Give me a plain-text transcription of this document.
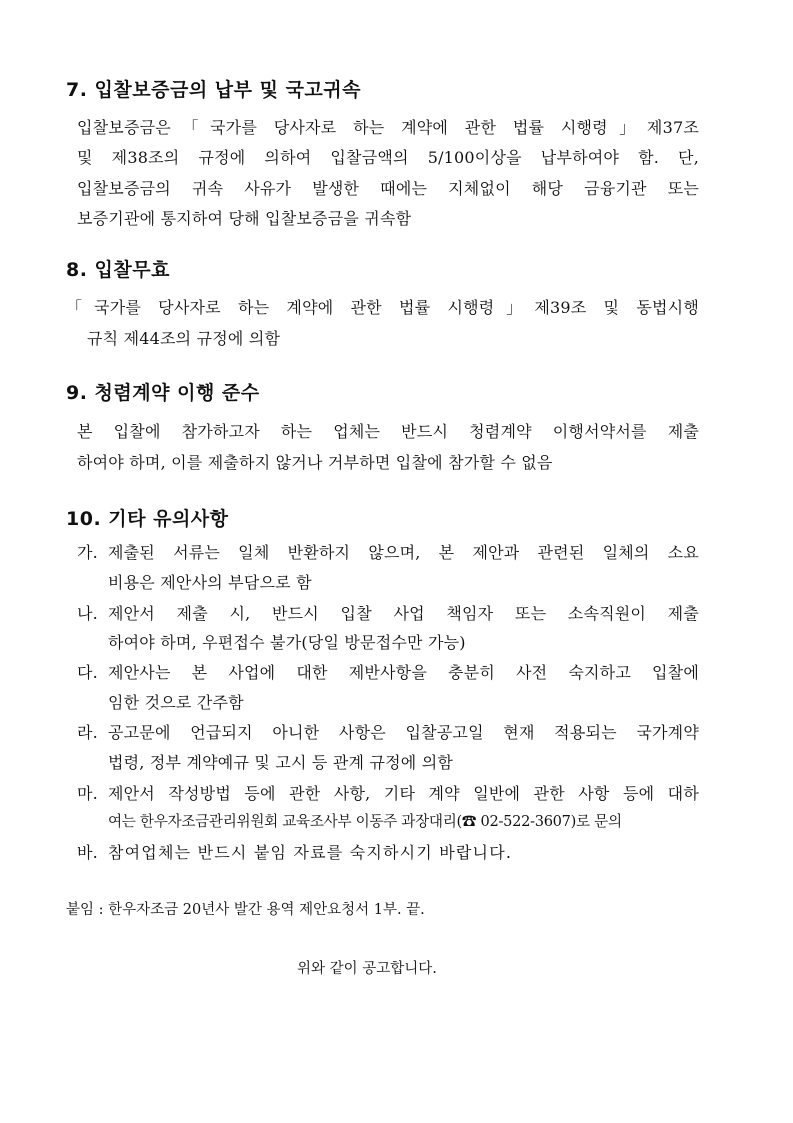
7. 입찰보증금의 납부 및 국고귀속
입찰보증금은「국가를 당사자로 하는 계약에 관한 법률 시행령」제37조
및 제38조의 규정에 의하여 입찰금액의 5/100이상을 납부하여야 함. 단,
입찰보증금의 귀속 사유가 발생한 때에는 지체없이 해당 금융기관 또는
보증기관에 통지하여 당해 입찰보증금을 귀속함
8. 입찰무효
「국가를 당사자로 하는 계약에 관한 법률 시행령」제39조 및 동법시행
규칙 제44조의 규정에 의함
9. 청렴계약 이행 준수
본 입찰에 참가하고자 하는 업체는 반드시 청렴계약 이행서약서를 제출
하여야 하며, 이를 제출하지 않거나 거부하면 입찰에 참가할 수 없음
10. 기타 유의사항
가. 제출된 서류는 일체 반환하지 않으며, 본 제안과 관련된 일체의 소요
비용은 제안사의 부담으로 함
나. 제안서 제출 시, 반드시 입찰 사업 책임자 또는 소속직원이 제출
하여야 하며, 우편접수 불가(당일 방문접수만 가능)
다. 제안사는 본 사업에 대한 제반사항을 충분히 사전 숙지하고 입찰에
임한 것으로 간주함
라. 공고문에 언급되지 아니한 사항은 입찰공고일 현재 적용되는 국가계약
법령, 정부 계약예규 및 고시 등 관계 규정에 의함
마. 제안서 작성방법 등에 관한 사항, 기타 계약 일반에 관한 사항 등에 대하
여는 한우자조금관리위원회 교육조사부 이동주 과장대리(☎ 02-522-3607)로 문의
바. 참여업체는 반드시 붙임 자료를 숙지하시기 바랍니다.
붙임 : 한우자조금 20년사 발간 용역 제안요청서 1부. 끝.
위와 같이 공고합니다.
